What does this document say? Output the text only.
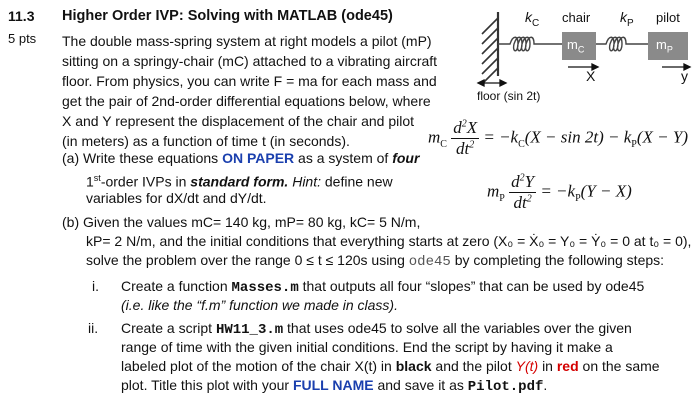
11.3
5 pts
Higher Order IVP: Solving with MATLAB (ode45)
The double mass-spring system at right models a pilot (mP)
sitting on a springy-chair (mC) attached to a vibrating aircraft
floor. From physics, you can write F = ma for each mass and
get the pair of 2nd-order differential equations below, where
X and Y represent the displacement of the chair and pilot
(in meters) as a function of time t (in seconds).
$k_C$ chair $k_P$ pilot
$m_C$	$m_P$
X	y
floor (sin 2t)
(a) Write these equations ON PAPER as a system of four
1st-order IVPs in standard form. Hint: define new
variables for dX/dt and dY/dt.
$m_C \frac{d^2X}{dt^2} = -k_C(X - \sin 2t) - k_P(X - Y)$
$m_P \frac{d^2Y}{dt^2} = -k_P(Y - X)$
(b) Given the values mC= 140 kg, mP= 80 kg, kC= 5 N/m,
kP= 2 N/m, and the initial conditions that everything starts at zero (X₀ = Ẋ₀ = Y₀ = Ẏ₀ = 0 at t₀ = 0),
solve the problem over the range 0 ≤ t ≤ 120s using ode45 by completing the following steps:
i. Create a function Masses.m that outputs all four “slopes” that can be used by ode45
(i.e. like the “f.m” function we made in class).
ii. Create a script HW11_3.m that uses ode45 to solve all the variables over the given
range of time with the given initial conditions. End the script by having it make a
labeled plot of the motion of the chair X(t) in black and the pilot Y(t) in red on the same
plot. Title this plot with your FULL NAME and save it as Pilot.pdf.
